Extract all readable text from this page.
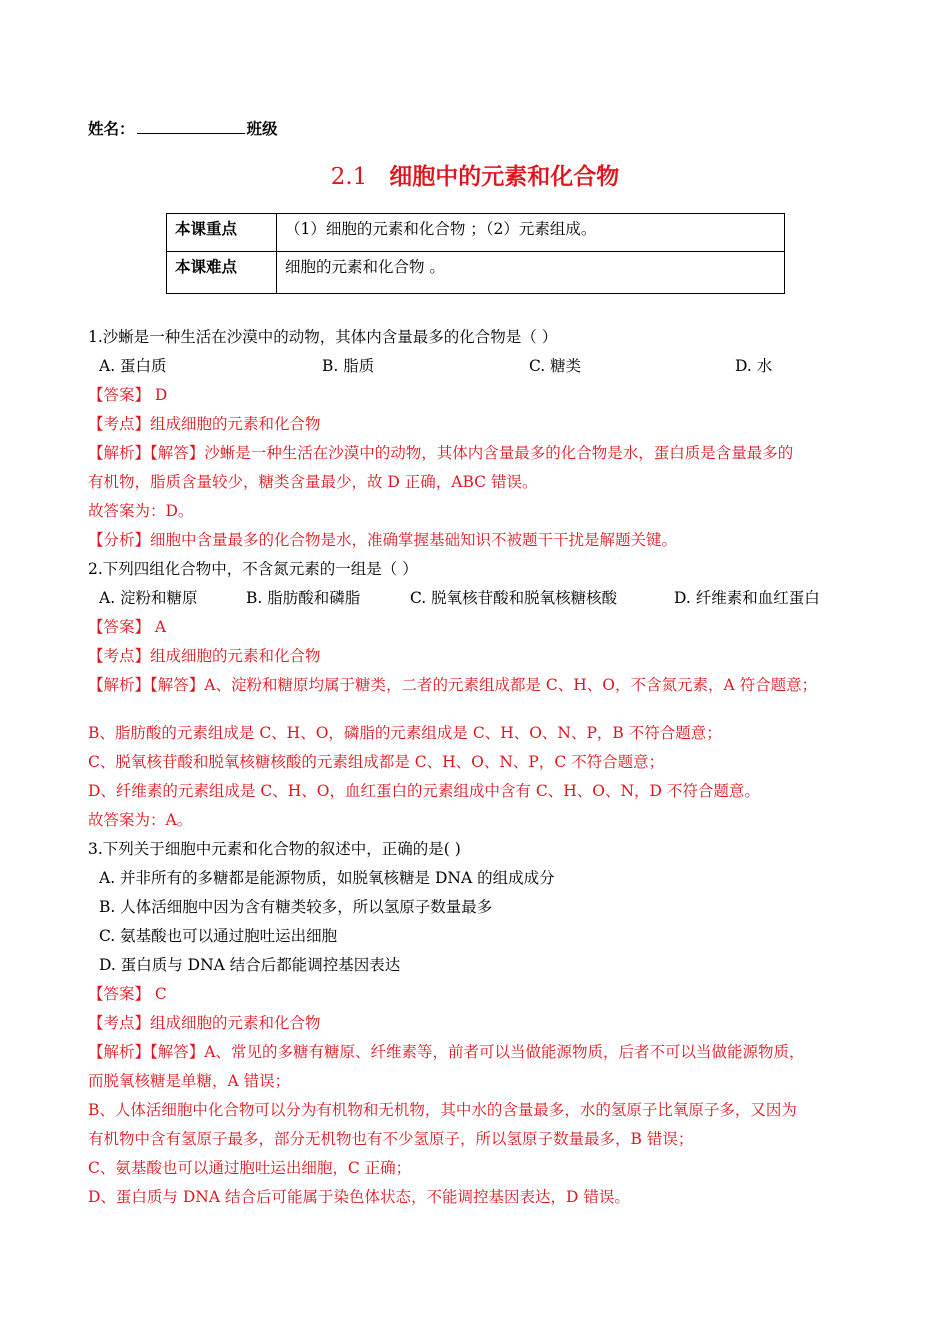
姓名：	班级
2.1 细胞中的元素和化合物
本课重点	（1）细胞的元素和化合物 ；（2）元素组成。
本课难点	细胞的元素和化合物 。
1.沙蜥是一种生活在沙漠中的动物，其体内含量最多的化合物是（ ）
A. 蛋白质	B. 脂质	C. 糖类	D. 水
【答案】 D
【考点】组成细胞的元素和化合物
【解析】【解答】沙蜥是一种生活在沙漠中的动物，其体内含量最多的化合物是水，蛋白质是含量最多的
有机物，脂质含量较少，糖类含量最少，故 D 正确，ABC 错误。
故答案为：D。
【分析】细胞中含量最多的化合物是水，准确掌握基础知识不被题干干扰是解题关键。
2.下列四组化合物中，不含氮元素的一组是（ ）
A. 淀粉和糖原	B. 脂肪酸和磷脂	C. 脱氧核苷酸和脱氧核糖核酸	D. 纤维素和血红蛋白
【答案】 A
【考点】组成细胞的元素和化合物
【解析】【解答】A、淀粉和糖原均属于糖类，二者的元素组成都是 C、H、O，不含氮元素，A 符合题意；
B、脂肪酸的元素组成是 C、H、O，磷脂的元素组成是 C、H、O、N、P，B 不符合题意；
C、脱氧核苷酸和脱氧核糖核酸的元素组成都是 C、H、O、N、P，C 不符合题意；
D、纤维素的元素组成是 C、H、O，血红蛋白的元素组成中含有 C、H、O、N，D 不符合题意。
故答案为：A。
3.下列关于细胞中元素和化合物的叙述中，正确的是( )
A. 并非所有的多糖都是能源物质，如脱氧核糖是 DNA 的组成成分
B. 人体活细胞中因为含有糖类较多，所以氢原子数量最多
C. 氨基酸也可以通过胞吐运出细胞
D. 蛋白质与 DNA 结合后都能调控基因表达
【答案】 C
【考点】组成细胞的元素和化合物
【解析】【解答】A、常见的多糖有糖原、纤维素等，前者可以当做能源物质，后者不可以当做能源物质，
而脱氧核糖是单糖，A 错误；
B、人体活细胞中化合物可以分为有机物和无机物，其中水的含量最多，水的氢原子比氧原子多，又因为
有机物中含有氢原子最多，部分无机物也有不少氢原子，所以氢原子数量最多，B 错误；
C、氨基酸也可以通过胞吐运出细胞，C 正确；
D、蛋白质与 DNA 结合后可能属于染色体状态，不能调控基因表达，D 错误。
